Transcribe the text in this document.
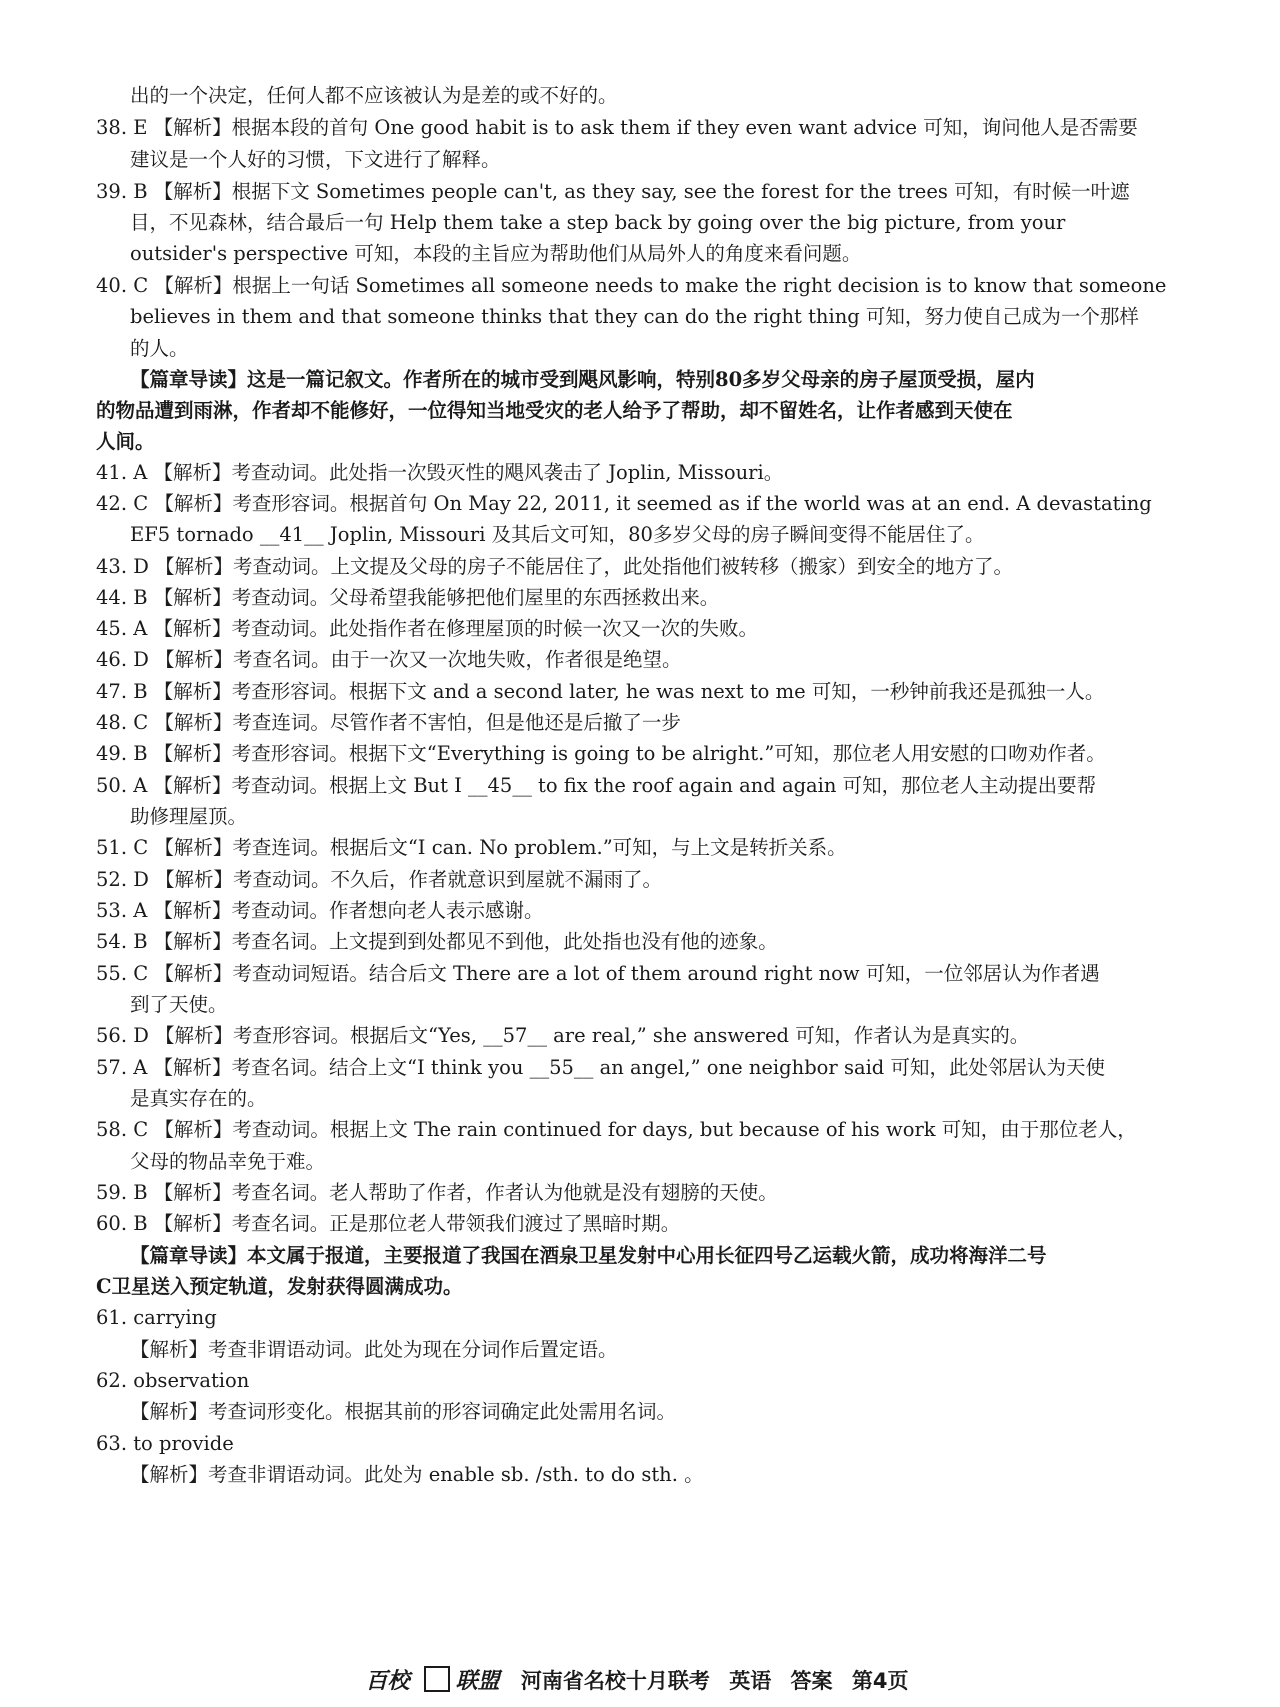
出的一个决定，任何人都不应该被认为是差的或不好的。
38. E 【解析】根据本段的首句 One good habit is to ask them if they even want advice 可知，询问他人是否需要
建议是一个人好的习惯，下文进行了解释。
39. B 【解析】根据下文 Sometimes people can't, as they say, see the forest for the trees 可知，有时候一叶遮
目，不见森林，结合最后一句 Help them take a step back by going over the big picture, from your
outsider's perspective 可知，本段的主旨应为帮助他们从局外人的角度来看问题。
40. C 【解析】根据上一句话 Sometimes all someone needs to make the right decision is to know that someone
believes in them and that someone thinks that they can do the right thing 可知，努力使自己成为一个那样
的人。
【篇章导读】这是一篇记叙文。作者所在的城市受到飓风影响，特别80多岁父母亲的房子屋顶受损，屋内
的物品遭到雨淋，作者却不能修好，一位得知当地受灾的老人给予了帮助，却不留姓名，让作者感到天使在
人间。
41. A 【解析】考查动词。此处指一次毁灭性的飓风袭击了 Joplin, Missouri。
42. C 【解析】考查形容词。根据首句 On May 22, 2011, it seemed as if the world was at an end. A devastating
EF5 tornado __41__ Joplin, Missouri 及其后文可知，80多岁父母的房子瞬间变得不能居住了。
43. D 【解析】考查动词。上文提及父母的房子不能居住了，此处指他们被转移（搬家）到安全的地方了。
44. B 【解析】考查动词。父母希望我能够把他们屋里的东西拯救出来。
45. A 【解析】考查动词。此处指作者在修理屋顶的时候一次又一次的失败。
46. D 【解析】考查名词。由于一次又一次地失败，作者很是绝望。
47. B 【解析】考查形容词。根据下文 and a second later, he was next to me 可知，一秒钟前我还是孤独一人。
48. C 【解析】考查连词。尽管作者不害怕，但是他还是后撤了一步
49. B 【解析】考查形容词。根据下文“Everything is going to be alright.”可知，那位老人用安慰的口吻劝作者。
50. A 【解析】考查动词。根据上文 But I __45__ to fix the roof again and again 可知，那位老人主动提出要帮
助修理屋顶。
51. C 【解析】考查连词。根据后文“I can. No problem.”可知，与上文是转折关系。
52. D 【解析】考查动词。不久后，作者就意识到屋就不漏雨了。
53. A 【解析】考查动词。作者想向老人表示感谢。
54. B 【解析】考查名词。上文提到到处都见不到他，此处指也没有他的迹象。
55. C 【解析】考查动词短语。结合后文 There are a lot of them around right now 可知，一位邻居认为作者遇
到了天使。
56. D 【解析】考查形容词。根据后文“Yes, __57__ are real,” she answered 可知，作者认为是真实的。
57. A 【解析】考查名词。结合上文“I think you __55__ an angel,” one neighbor said 可知，此处邻居认为天使
是真实存在的。
58. C 【解析】考查动词。根据上文 The rain continued for days, but because of his work 可知，由于那位老人，
父母的物品幸免于难。
59. B 【解析】考查名词。老人帮助了作者，作者认为他就是没有翅膀的天使。
60. B 【解析】考查名词。正是那位老人带领我们渡过了黑暗时期。
【篇章导读】本文属于报道，主要报道了我国在酒泉卫星发射中心用长征四号乙运载火箭，成功将海洋二号
C卫星送入预定轨道，发射获得圆满成功。
61. carrying
【解析】考查非谓语动词。此处为现在分词作后置定语。
62. observation
【解析】考查词形变化。根据其前的形容词确定此处需用名词。
63. to provide
【解析】考查非谓语动词。此处为 enable sb. /sth. to do sth. 。
百校 联盟 河南省名校十月联考 英语 答案 第4页
